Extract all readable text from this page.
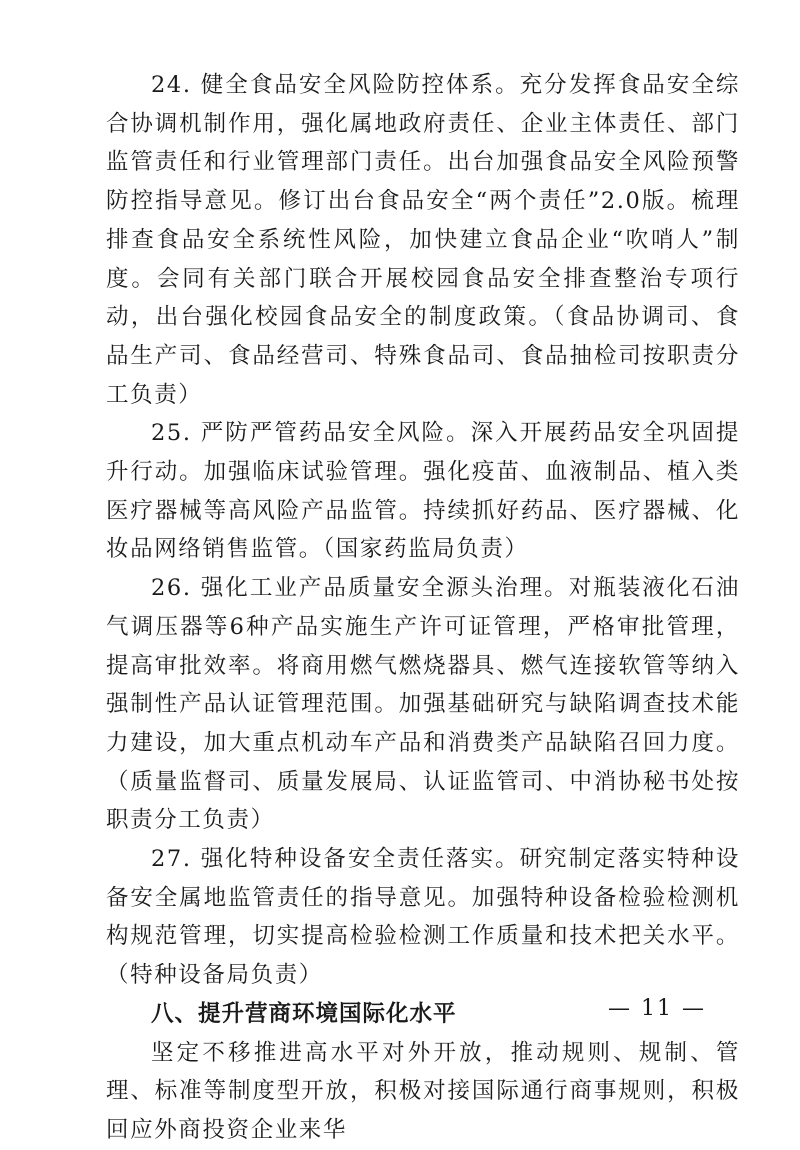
24. 健全食品安全风险防控体系。充分发挥食品安全综合协调机制作用，强化属地政府责任、企业主体责任、部门监管责任和行业管理部门责任。出台加强食品安全风险预警防控指导意见。修订出台食品安全“两个责任”2.0版。梳理排查食品安全系统性风险，加快建立食品企业“吹哨人”制度。会同有关部门联合开展校园食品安全排查整治专项行动，出台强化校园食品安全的制度政策。（食品协调司、食品生产司、食品经营司、特殊食品司、食品抽检司按职责分工负责）

25. 严防严管药品安全风险。深入开展药品安全巩固提升行动。加强临床试验管理。强化疫苗、血液制品、植入类医疗器械等高风险产品监管。持续抓好药品、医疗器械、化妆品网络销售监管。（国家药监局负责）

26. 强化工业产品质量安全源头治理。对瓶装液化石油气调压器等6种产品实施生产许可证管理，严格审批管理，提高审批效率。将商用燃气燃烧器具、燃气连接软管等纳入强制性产品认证管理范围。加强基础研究与缺陷调查技术能力建设，加大重点机动车产品和消费类产品缺陷召回力度。（质量监督司、质量发展局、认证监管司、中消协秘书处按职责分工负责）

27. 强化特种设备安全责任落实。研究制定落实特种设备安全属地监管责任的指导意见。加强特种设备检验检测机构规范管理，切实提高检验检测工作质量和技术把关水平。（特种设备局负责）

八、提升营商环境国际化水平

坚定不移推进高水平对外开放，推动规则、规制、管理、标准等制度型开放，积极对接国际通行商事规则，积极回应外商投资企业来华

— 11 —
